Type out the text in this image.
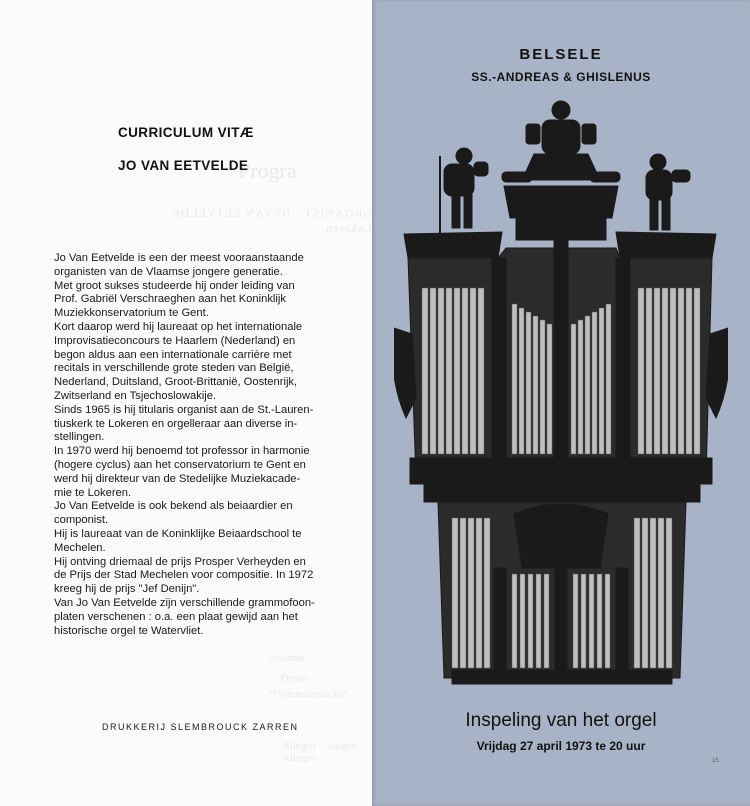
Progra
ORGANIST : JO VAN EETVELDE - Lokeren
Andante
Presto
"Flötenuhrstücke"
Allegro - Adagio - Allegro
CURRICULUM VITÆ
JO VAN EETVELDE

Jo Van Eetvelde is een der meest vooraanstaande

organisten van de Vlaamse jongere generatie.

Met groot sukses studeerde hij onder leiding van

Prof. Gabriël Verschraeghen aan het Koninklijk

Muziekkonservatorium te Gent.

Kort daarop werd hij laureaat op het internationale

Improvisatieconcours te Haarlem (Nederland) en

begon aldus aan een internationale carrière met

recitals in verschillende grote steden van België,

Nederland, Duitsland, Groot-Brittanië, Oostenrijk,

Zwitserland en Tsjechoslowakije.

Sinds 1965 is hij titularis organist aan de St.-Lauren-

tiuskerk te Lokeren en orgelleraar aan diverse in-

stellingen.

In 1970 werd hij benoemd tot professor in harmonie

(hogere cyclus) aan het conservatorium te Gent en

werd hij direkteur van de Stedelijke Muziekacade-

mie te Lokeren.

Jo Van Eetvelde is ook bekend als beiaardier en

componist.

Hij is laureaat van de Koninklijke Beiaardschool te

Mechelen.

Hij ontving driemaal de prijs Prosper Verheyden en

de Prijs der Stad Mechelen voor compositie. In 1972

kreeg hij de prijs "Jef Denijn".

Van Jo Van Eetvelde zijn verschillende grammofoon-

platen verschenen : o.a. een plaat gewijd aan het

historische orgel te Watervliet.

DRUKKERIJ SLEMBROUCK ZARREN
BELSELE
SS.-ANDREAS & GHISLENUS
Inspeling van het orgel
Vrijdag 27 april 1973 te 20 uur
15
